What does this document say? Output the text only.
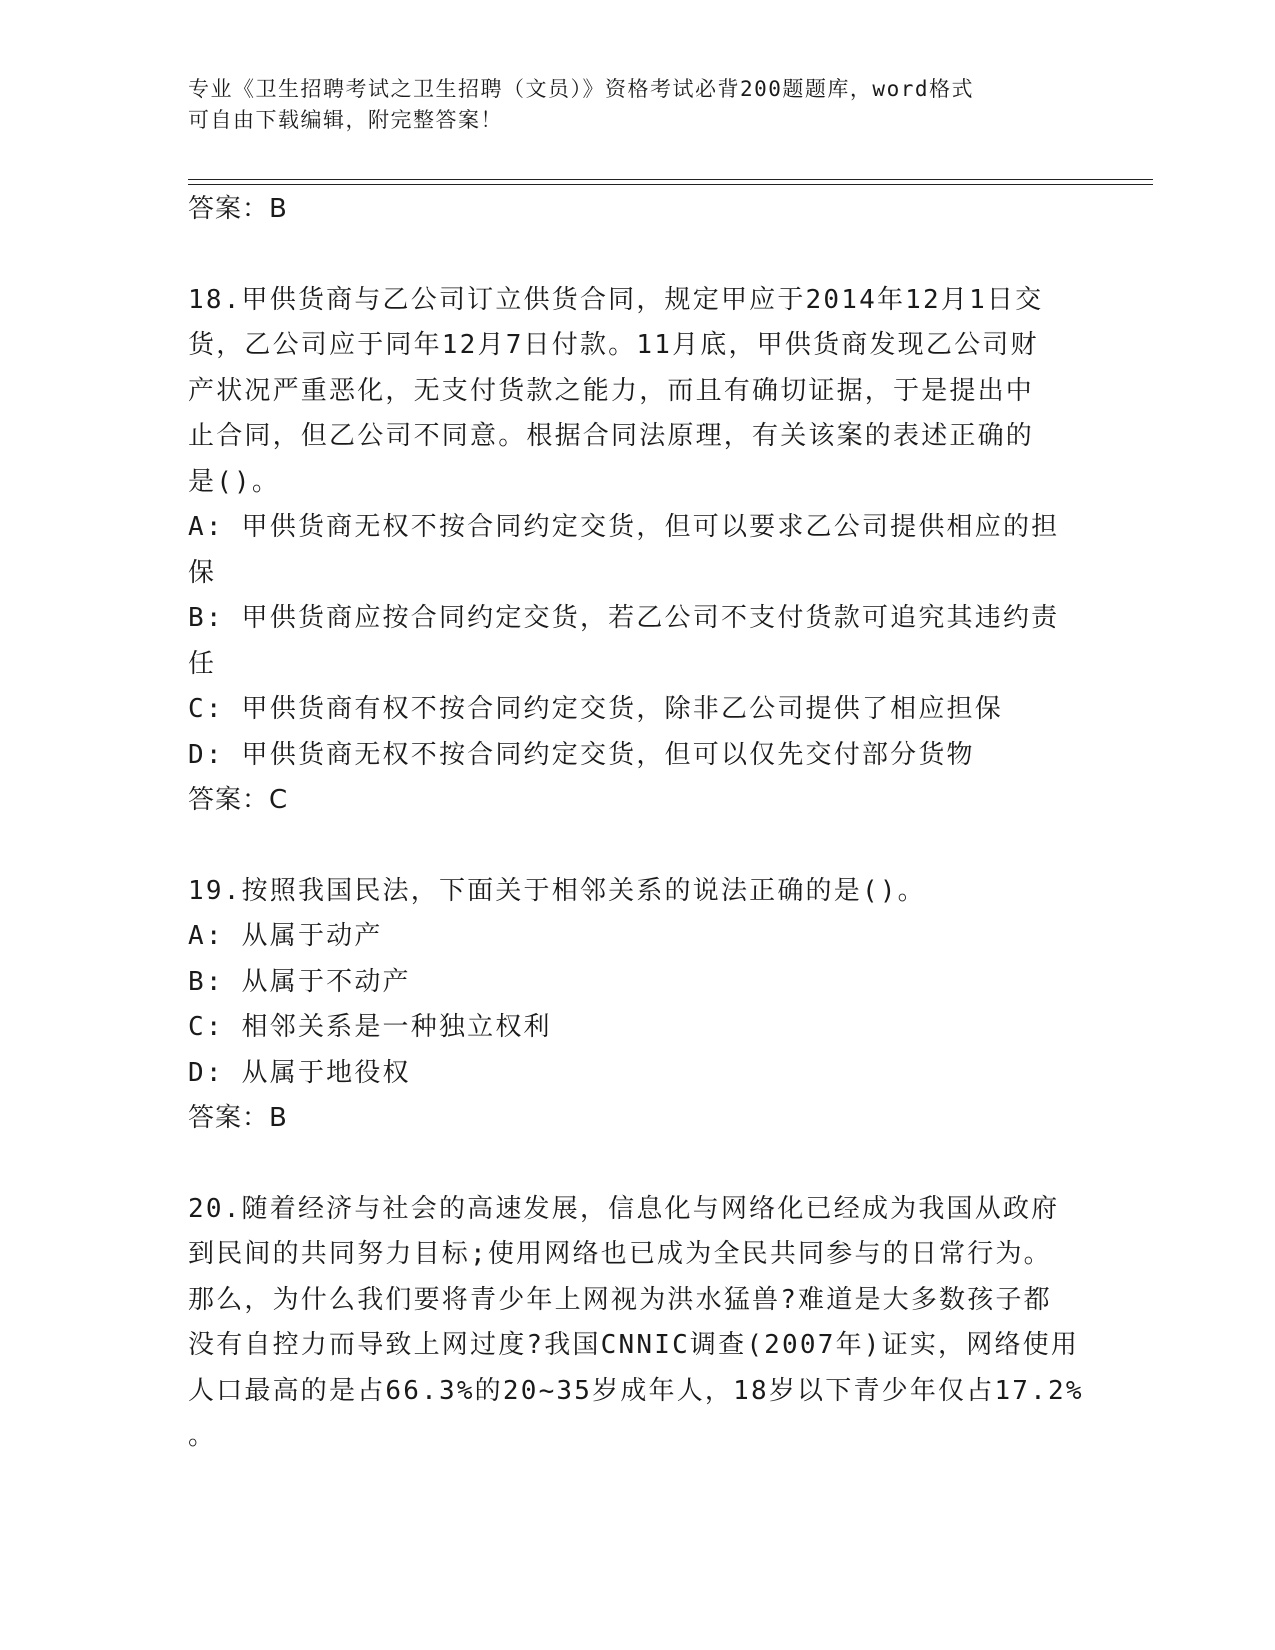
专业《卫生招聘考试之卫生招聘（文员）》资格考试必背200题题库，word格式
可自由下载编辑，附完整答案！
答案：B
18.甲供货商与乙公司订立供货合同，规定甲应于2014年12月1日交
货，乙公司应于同年12月7日付款。11月底，甲供货商发现乙公司财
产状况严重恶化，无支付货款之能力，而且有确切证据，于是提出中
止合同，但乙公司不同意。根据合同法原理，有关该案的表述正确的
是()。
A: 甲供货商无权不按合同约定交货，但可以要求乙公司提供相应的担
保
B: 甲供货商应按合同约定交货，若乙公司不支付货款可追究其违约责
任
C: 甲供货商有权不按合同约定交货，除非乙公司提供了相应担保
D: 甲供货商无权不按合同约定交货，但可以仅先交付部分货物
答案：C
19.按照我国民法，下面关于相邻关系的说法正确的是()。
A: 从属于动产
B: 从属于不动产
C: 相邻关系是一种独立权利
D: 从属于地役权
答案：B
20.随着经济与社会的高速发展，信息化与网络化已经成为我国从政府
到民间的共同努力目标;使用网络也已成为全民共同参与的日常行为。
那么，为什么我们要将青少年上网视为洪水猛兽?难道是大多数孩子都
没有自控力而导致上网过度?我国CNNIC调查(2007年)证实，网络使用
人口最高的是占66.3%的20~35岁成年人，18岁以下青少年仅占17.2%
。
